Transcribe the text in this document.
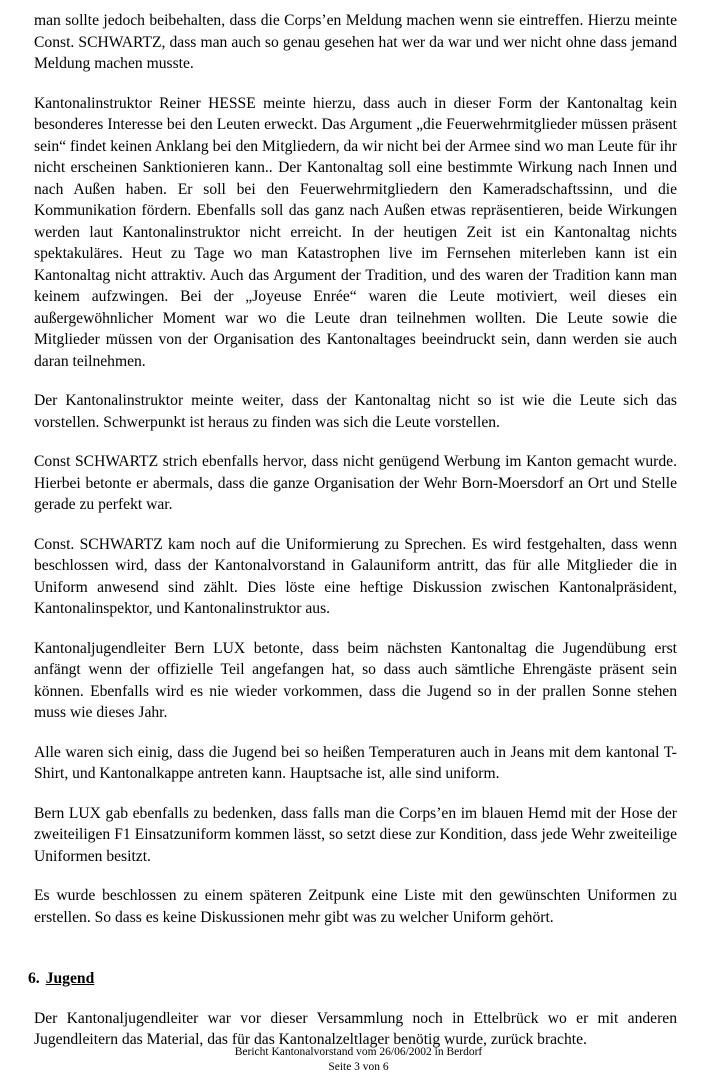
man sollte jedoch beibehalten, dass die Corps’en Meldung machen wenn sie eintreffen. Hierzu meinte Const. SCHWARTZ, dass man auch so genau gesehen hat wer da war und wer nicht ohne dass jemand Meldung machen musste.

Kantonalinstruktor Reiner HESSE meinte hierzu, dass auch in dieser Form der Kantonaltag kein besonderes Interesse bei den Leuten erweckt. Das Argument „die Feuerwehrmitglieder müssen präsent sein“ findet keinen Anklang bei den Mitgliedern, da wir nicht bei der Armee sind wo man Leute für ihr nicht erscheinen Sanktionieren kann.. Der Kantonaltag soll eine bestimmte Wirkung nach Innen und nach Außen haben. Er soll bei den Feuerwehrmitgliedern den Kameradschaftssinn, und die Kommunikation fördern. Ebenfalls soll das ganz nach Außen etwas repräsentieren, beide Wirkungen werden laut Kantonalinstruktor nicht erreicht. In der heutigen Zeit ist ein Kantonaltag nichts spektakuläres. Heut zu Tage wo man Katastrophen live im Fernsehen miterleben kann ist ein Kantonaltag nicht attraktiv. Auch das Argument der Tradition, und des waren der Tradition kann man keinem aufzwingen. Bei der „Joyeuse Enrée“ waren die Leute motiviert, weil dieses ein außergewöhnlicher Moment war wo die Leute dran teilnehmen wollten. Die Leute sowie die Mitglieder müssen von der Organisation des Kantonaltages beeindruckt sein, dann werden sie auch daran teilnehmen.

Der Kantonalinstruktor meinte weiter, dass der Kantonaltag nicht so ist wie die Leute sich das vorstellen. Schwerpunkt ist heraus zu finden was sich die Leute vorstellen.

Const SCHWARTZ strich ebenfalls hervor, dass nicht genügend Werbung im Kanton gemacht wurde. Hierbei betonte er abermals, dass die ganze Organisation der Wehr Born-Moersdorf an Ort und Stelle gerade zu perfekt war.

Const. SCHWARTZ kam noch auf die Uniformierung zu Sprechen. Es wird festgehalten, dass wenn beschlossen wird, dass der Kantonalvorstand in Galauniform antritt, das für alle Mitglieder die in Uniform anwesend sind zählt. Dies löste eine heftige Diskussion zwischen Kantonalpräsident, Kantonalinspektor, und Kantonalinstruktor aus.

Kantonaljugendleiter Bern LUX betonte, dass beim nächsten Kantonaltag die Jugendübung erst anfängt wenn der offizielle Teil angefangen hat, so dass auch sämtliche Ehrengäste präsent sein können. Ebenfalls wird es nie wieder vorkommen, dass die Jugend so in der prallen Sonne stehen muss wie dieses Jahr.

Alle waren sich einig, dass die Jugend bei so heißen Temperaturen auch in Jeans mit dem kantonal T-Shirt, und Kantonalkappe antreten kann. Hauptsache ist, alle sind uniform.

Bern LUX gab ebenfalls zu bedenken, dass falls man die Corps’en im blauen Hemd mit der Hose der zweiteiligen F1 Einsatzuniform kommen lässt, so setzt diese zur Kondition, dass jede Wehr zweiteilige Uniformen besitzt.

Es wurde beschlossen zu einem späteren Zeitpunk eine Liste mit den gewünschten Uniformen zu erstellen. So dass es keine Diskussionen mehr gibt was zu welcher Uniform gehört.

6. Jugend

Der Kantonaljugendleiter war vor dieser Versammlung noch in Ettelbrück wo er mit anderen Jugendleitern das Material, das für das Kantonalzeltlager benötig wurde, zurück brachte.

Bericht Kantonalvorstand vom 26/06/2002 in Berdorf
Seite 3 von 6
